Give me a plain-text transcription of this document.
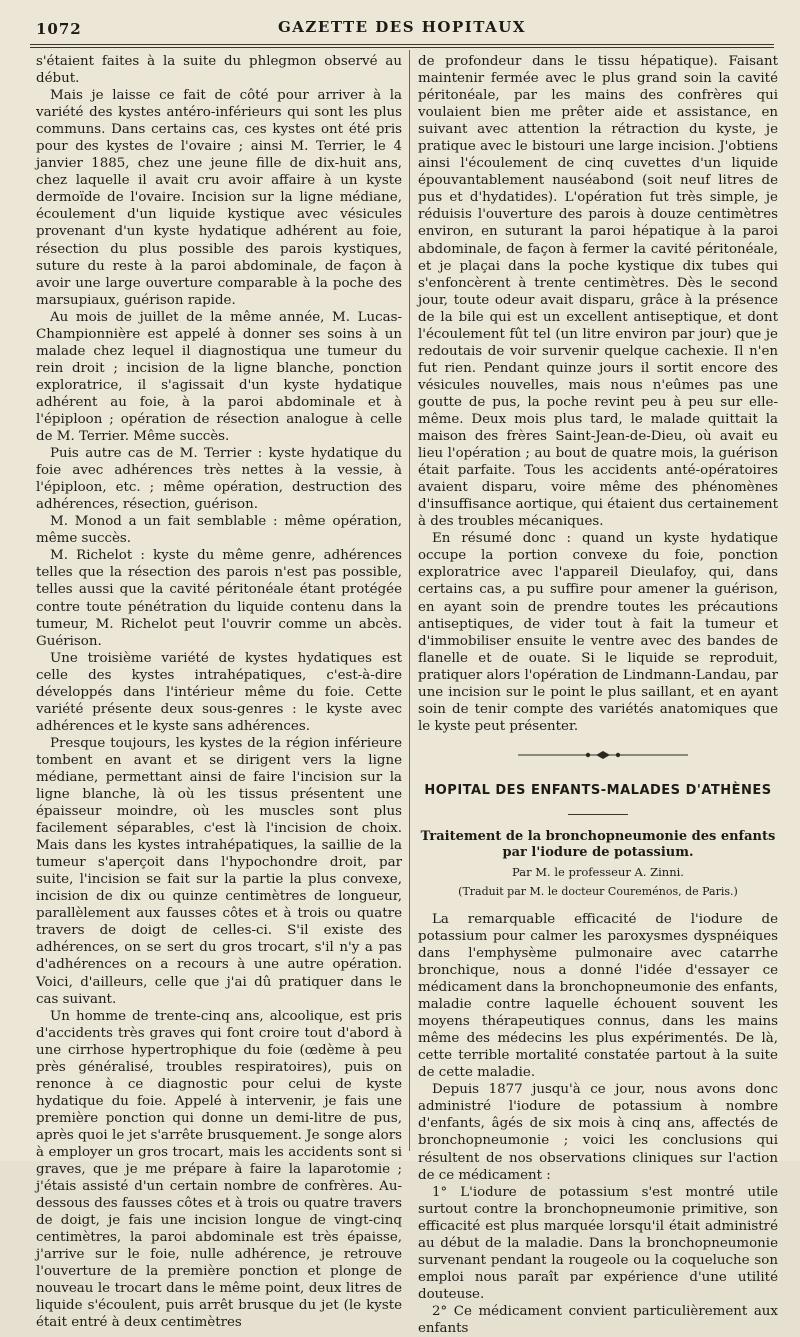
1072	GAZETTE DES HOPITAUX

s'étaient faites à la suite du phlegmon observé au début.

Mais je laisse ce fait de côté pour arriver à la variété des kystes antéro-inférieurs qui sont les plus communs. Dans certains cas, ces kystes ont été pris pour des kystes de l'ovaire ; ainsi M. Terrier, le 4 janvier 1885, chez une jeune fille de dix-huit ans, chez laquelle il avait cru avoir affaire à un kyste dermoïde de l'ovaire. Incision sur la ligne médiane, écoulement d'un liquide kystique avec vésicules provenant d'un kyste hydatique adhérent au foie, résection du plus possible des parois kystiques, suture du reste à la paroi abdominale, de façon à avoir une large ouverture comparable à la poche des marsupiaux, guérison rapide.

Au mois de juillet de la même année, M. Lucas-Championnière est appelé à donner ses soins à un malade chez lequel il diagnostiqua une tumeur du rein droit ; incision de la ligne blanche, ponction exploratrice, il s'agissait d'un kyste hydatique adhérent au foie, à la paroi abdominale et à l'épiploon ; opération de résection analogue à celle de M. Terrier. Même succès.

Puis autre cas de M. Terrier : kyste hydatique du foie avec adhérences très nettes à la vessie, à l'épiploon, etc. ; même opération, destruction des adhérences, résection, guérison.

M. Monod a un fait semblable : même opération, même succès.

M. Richelot : kyste du même genre, adhérences telles que la résection des parois n'est pas possible, telles aussi que la cavité péritonéale étant protégée contre toute pénétration du liquide contenu dans la tumeur, M. Richelot peut l'ouvrir comme un abcès. Guérison.

Une troisième variété de kystes hydatiques est celle des kystes intrahépatiques, c'est-à-dire développés dans l'intérieur même du foie. Cette variété présente deux sous-genres : le kyste avec adhérences et le kyste sans adhérences.

Presque toujours, les kystes de la région inférieure tombent en avant et se dirigent vers la ligne médiane, permettant ainsi de faire l'incision sur la ligne blanche, là où les tissus présentent une épaisseur moindre, où les muscles sont plus facilement séparables, c'est là l'incision de choix. Mais dans les kystes intrahépatiques, la saillie de la tumeur s'aperçoit dans l'hypochondre droit, par suite, l'incision se fait sur la partie la plus convexe, incision de dix ou quinze centimètres de longueur, parallèlement aux fausses côtes et à trois ou quatre travers de doigt de celles-ci. S'il existe des adhérences, on se sert du gros trocart, s'il n'y a pas d'adhérences on a recours à une autre opération. Voici, d'ailleurs, celle que j'ai dû pratiquer dans le cas suivant.

Un homme de trente-cinq ans, alcoolique, est pris d'accidents très graves qui font croire tout d'abord à une cirrhose hypertrophique du foie (œdème à peu près généralisé, troubles respiratoires), puis on renonce à ce diagnostic pour celui de kyste hydatique du foie. Appelé à intervenir, je fais une première ponction qui donne un demi-litre de pus, après quoi le jet s'arrête brusquement. Je songe alors à employer un gros trocart, mais les accidents sont si graves, que je me prépare à faire la laparotomie ; j'étais assisté d'un certain nombre de confrères. Au-dessous des fausses côtes et à trois ou quatre travers de doigt, je fais une incision longue de vingt-cinq centimètres, la paroi abdominale est très épaisse, j'arrive sur le foie, nulle adhérence, je retrouve l'ouverture de la première ponction et plonge de nouveau le trocart dans le même point, deux litres de liquide s'écoulent, puis arrêt brusque du jet (le kyste était entré à deux centimètres

de profondeur dans le tissu hépatique). Faisant maintenir fermée avec le plus grand soin la cavité péritonéale, par les mains des confrères qui voulaient bien me prêter aide et assistance, en suivant avec attention la rétraction du kyste, je pratique avec le bistouri une large incision. J'obtiens ainsi l'écoulement de cinq cuvettes d'un liquide épouvantablement nauséabond (soit neuf litres de pus et d'hydatides). L'opération fut très simple, je réduisis l'ouverture des parois à douze centimètres environ, en suturant la paroi hépatique à la paroi abdominale, de façon à fermer la cavité péritonéale, et je plaçai dans la poche kystique dix tubes qui s'enfoncèrent à trente centimètres. Dès le second jour, toute odeur avait disparu, grâce à la présence de la bile qui est un excellent antiseptique, et dont l'écoulement fût tel (un litre environ par jour) que je redoutais de voir survenir quelque cachexie. Il n'en fut rien. Pendant quinze jours il sortit encore des vésicules nouvelles, mais nous n'eûmes pas une goutte de pus, la poche revint peu à peu sur elle-même. Deux mois plus tard, le malade quittait la maison des frères Saint-Jean-de-Dieu, où avait eu lieu l'opération ; au bout de quatre mois, la guérison était parfaite. Tous les accidents anté-opératoires avaient disparu, voire même des phénomènes d'insuffisance aortique, qui étaient dus certainement à des troubles mécaniques.

En résumé donc : quand un kyste hydatique occupe la portion convexe du foie, ponction exploratrice avec l'appareil Dieulafoy, qui, dans certains cas, a pu suffire pour amener la guérison, en ayant soin de prendre toutes les précautions antiseptiques, de vider tout à fait la tumeur et d'immobiliser ensuite le ventre avec des bandes de flanelle et de ouate. Si le liquide se reproduit, pratiquer alors l'opération de Lindmann-Landau, par une incision sur le point le plus saillant, et en ayant soin de tenir compte des variétés anatomiques que le kyste peut présenter.

HOPITAL DES ENFANTS-MALADES D'ATHÈNES
Traitement de la bronchopneumonie des enfants
par l'iodure de potassium.
Par M. le professeur A. Zinni.
(Traduit par M. le docteur Coureménos, de Paris.)

La remarquable efficacité de l'iodure de potassium pour calmer les paroxysmes dyspnéiques dans l'emphysème pulmonaire avec catarrhe bronchique, nous a donné l'idée d'essayer ce médicament dans la bronchopneumonie des enfants, maladie contre laquelle échouent souvent les moyens thérapeutiques connus, dans les mains même des médecins les plus expérimentés. De là, cette terrible mortalité constatée partout à la suite de cette maladie.

Depuis 1877 jusqu'à ce jour, nous avons donc administré l'iodure de potassium à nombre d'enfants, âgés de six mois à cinq ans, affectés de bronchopneumonie ; voici les conclusions qui résultent de nos observations cliniques sur l'action de ce médicament :

1° L'iodure de potassium s'est montré utile surtout contre la bronchopneumonie primitive, son efficacité est plus marquée lorsqu'il était administré au début de la maladie. Dans la bronchopneumonie survenant pendant la rougeole ou la coqueluche son emploi nous paraît par expérience d'une utilité douteuse.

2° Ce médicament convient particulièrement aux enfants
